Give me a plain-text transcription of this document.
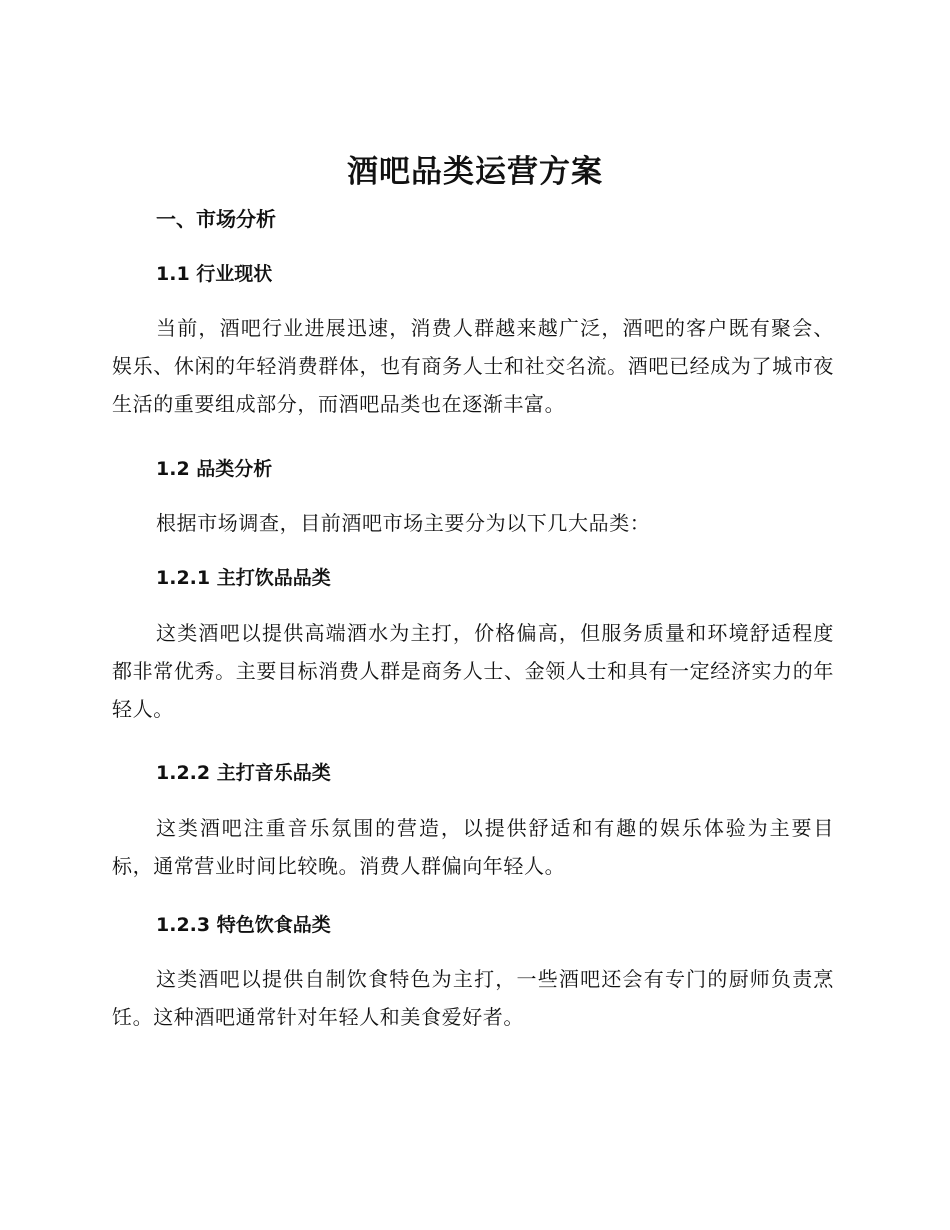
酒吧品类运营方案

一、市场分析

1.1 行业现状

当前，酒吧行业进展迅速，消费人群越来越广泛，酒吧的客户既有聚会、娱乐、休闲的年轻消费群体，也有商务人士和社交名流。酒吧已经成为了城市夜生活的重要组成部分，而酒吧品类也在逐渐丰富。

1.2 品类分析

根据市场调查，目前酒吧市场主要分为以下几大品类：

1.2.1 主打饮品品类

这类酒吧以提供高端酒水为主打，价格偏高，但服务质量和环境舒适程度都非常优秀。主要目标消费人群是商务人士、金领人士和具有一定经济实力的年轻人。

1.2.2 主打音乐品类

这类酒吧注重音乐氛围的营造，以提供舒适和有趣的娱乐体验为主要目标，通常营业时间比较晚。消费人群偏向年轻人。

1.2.3 特色饮食品类

这类酒吧以提供自制饮食特色为主打，一些酒吧还会有专门的厨师负责烹饪。这种酒吧通常针对年轻人和美食爱好者。
